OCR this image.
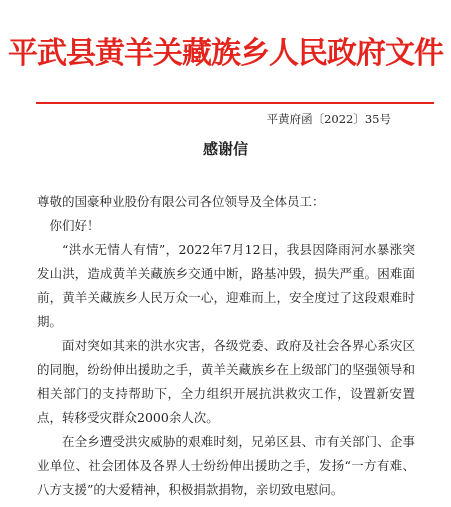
平武县黄羊关藏族乡人民政府文件
平黄府函〔2022〕35号
感谢信

尊敬的国豪种业股份有限公司各位领导及全体员工：

你们好！

“洪水无情人有情”，2022年7月12日，我县因降雨河水暴涨突发山洪，造成黄羊关藏族乡交通中断，路基冲毁，损失严重。困难面前，黄羊关藏族乡人民万众一心，迎难而上，安全度过了这段艰难时期。

面对突如其来的洪水灾害，各级党委、政府及社会各界心系灾区的同胞，纷纷伸出援助之手，黄羊关藏族乡在上级部门的坚强领导和相关部门的支持帮助下，全力组织开展抗洪救灾工作，设置新安置点，转移受灾群众2000余人次。

在全乡遭受洪灾威胁的艰难时刻，兄弟区县、市有关部门、企事业单位、社会团体及各界人士纷纷伸出援助之手，发扬“一方有难、八方支援”的大爱精神，积极捐款捐物，亲切致电慰问。
